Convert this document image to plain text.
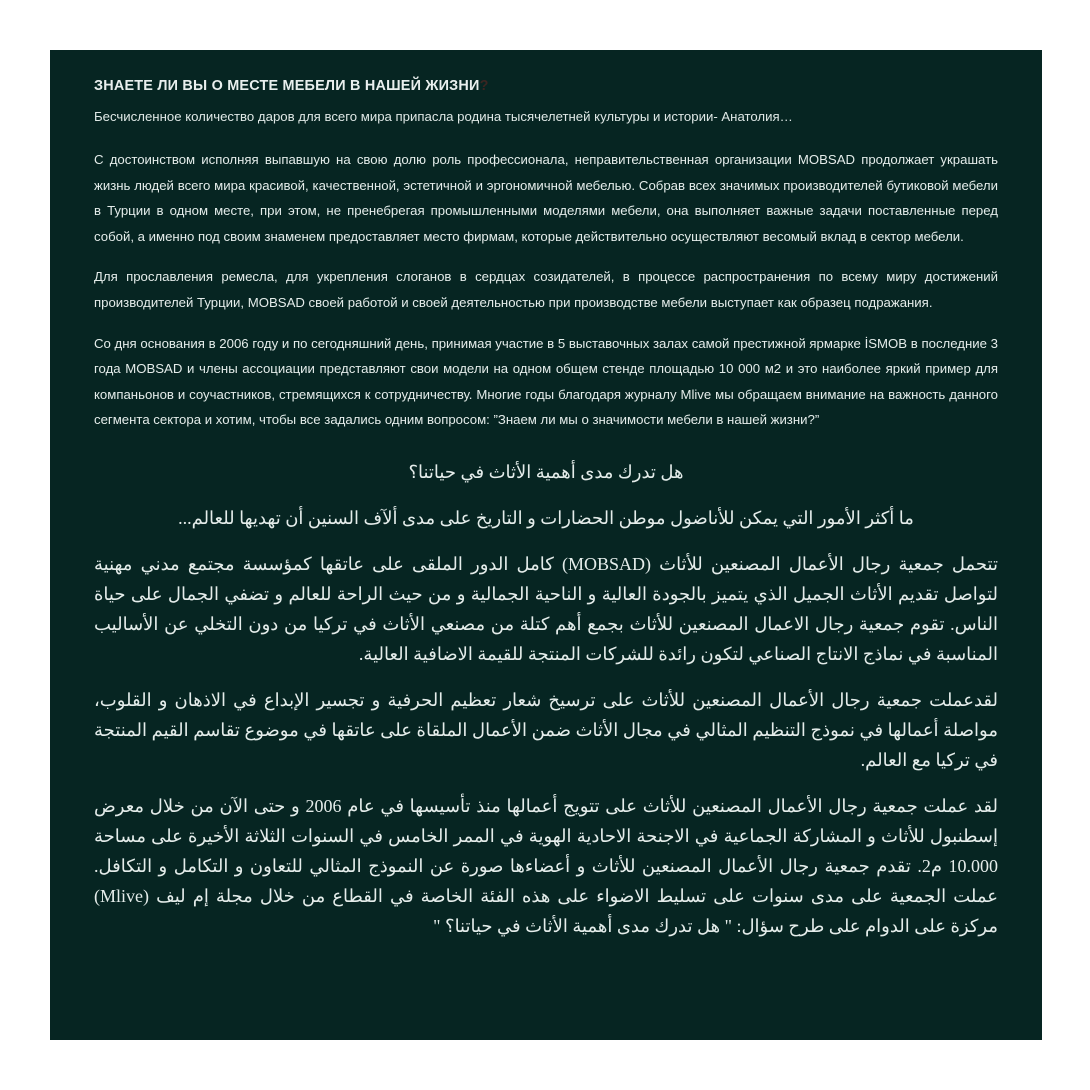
ЗНАЕТЕ ЛИ ВЫ О МЕСТЕ МЕБЕЛИ В НАШЕЙ ЖИЗНИ?

Бесчисленное количество даров для всего мира припасла родина тысячелетней культуры и истории- Анатолия…

С достоинством исполняя выпавшую на свою долю роль профессионала, неправительственная организации MOBSAD продолжает украшать жизнь людей всего мира красивой, качественной, эстетичной и эргономичной мебелью. Собрав всех значимых производителей бутиковой мебели в Турции в одном месте, при этом, не пренебрегая промышленными моделями мебели, она выполняет важные задачи поставленные перед собой, а именно под своим знаменем предоставляет место фирмам, которые действительно осуществляют весомый вклад в сектор мебели.

Для прославления ремесла, для укрепления слоганов в сердцах созидателей, в процессе распространения по всему миру достижений производителей Турции, MOBSAD своей работой и своей деятельностью при производстве мебели выступает как образец подражания.

Со дня основания в 2006 году и по сегодняшний день, принимая участие в 5 выставочных залах самой престижной ярмарке İSMOB в последние 3 года MOBSAD и члены ассоциации представляют свои модели на одном общем стенде площадью 10 000 м2 и это наиболее яркий пример для компаньонов и соучастников, стремящихся к сотрудничеству. Многие годы благодаря журналу Mlive мы обращаем внимание на важность данного сегмента сектора и хотим, чтобы все задались одним вопросом: ”Знаем ли мы о значимости мебели в нашей жизни?”

هل تدرك مدى أهمية الأثاث في حياتنا؟

ما أكثر الأمور التي يمكن للأناضول موطن الحضارات و التاريخ على مدى ألآف السنين أن تهديها للعالم...

تتحمل جمعية رجال الأعمال المصنعين للأثاث (MOBSAD) كامل الدور الملقى على عاتقها كمؤسسة مجتمع مدني مهنية لتواصل تقديم الأثاث الجميل الذي يتميز بالجودة العالية و الناحية الجمالية و من حيث الراحة للعالم و تضفي الجمال على حياة الناس. تقوم جمعية رجال الاعمال المصنعين للأثاث بجمع أهم كتلة من مصنعي الأثاث في تركيا من دون التخلي عن الأساليب المناسبة في نماذج الانتاج الصناعي لتكون رائدة للشركات المنتجة للقيمة الاضافية العالية.

لقدعملت جمعية رجال الأعمال المصنعين للأثاث على ترسيخ شعار تعظيم الحرفية و تجسير الإبداع في الاذهان و القلوب، مواصلة أعمالها في نموذج التنظيم المثالي في مجال الأثاث ضمن الأعمال الملقاة على عاتقها في موضوع تقاسم القيم المنتجة في تركيا مع العالم.

لقد عملت جمعية رجال الأعمال المصنعين للأثاث على تتويج أعمالها منذ تأسيسها في عام 2006 و حتى الآن من خلال معرض إسطنبول للأثاث و المشاركة الجماعية في الاجنحة الاحادية الهوية في الممر الخامس في السنوات الثلاثة الأخيرة على مساحة 10.000 م2. تقدم جمعية رجال الأعمال المصنعين للأثاث و أعضاءها صورة عن النموذج المثالي للتعاون و التكامل و التكافل. عملت الجمعية على مدى سنوات على تسليط الاضواء على هذه الفئة الخاصة في القطاع من خلال مجلة إم ليف (Mlive) مركزة على الدوام على طرح سؤال: " هل تدرك مدى أهمية الأثاث في حياتنا؟ "
